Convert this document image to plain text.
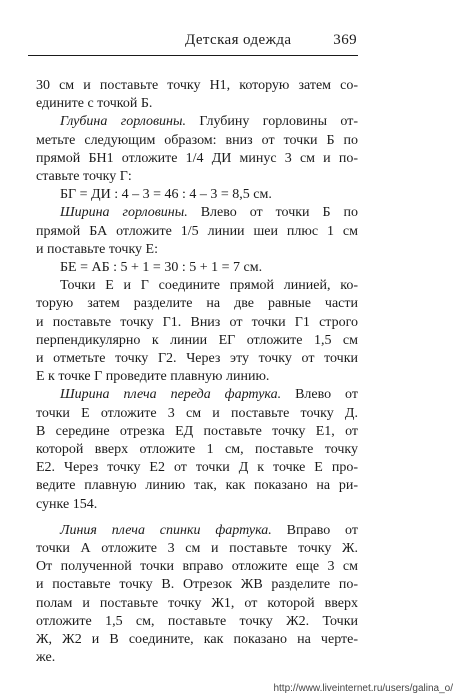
Детская одежда	369
30 см и поставьте точку Н1, которую затем со-
едините с точкой Б.
Глубина горловины. Глубину горловины от-
метьте следующим образом: вниз от точки Б по
прямой БН1 отложите 1/4 ДИ минус 3 см и по-
ставьте точку Г:
БГ = ДИ : 4 – 3 = 46 : 4 – 3 = 8,5 см.
Ширина горловины. Влево от точки Б по
прямой БА отложите 1/5 линии шеи плюс 1 см
и поставьте точку Е:
БЕ = АБ : 5 + 1 = 30 : 5 + 1 = 7 см.
Точки Е и Г соедините прямой линией, ко-
торую затем разделите на две равные части
и поставьте точку Г1. Вниз от точки Г1 строго
перпендикулярно к линии ЕГ отложите 1,5 см
и отметьте точку Г2. Через эту точку от точки
Е к точке Г проведите плавную линию.
Ширина плеча переда фартука. Влево от
точки Е отложите 3 см и поставьте точку Д.
В середине отрезка ЕД поставьте точку Е1, от
которой вверх отложите 1 см, поставьте точку
Е2. Через точку Е2 от точки Д к точке Е про-
ведите плавную линию так, как показано на ри-
сунке 154.
Линия плеча спинки фартука. Вправо от
точки А отложите 3 см и поставьте точку Ж.
От полученной точки вправо отложите еще 3 см
и поставьте точку В. Отрезок ЖВ разделите по-
полам и поставьте точку Ж1, от которой вверх
отложите 1,5 см, поставьте точку Ж2. Точки
Ж, Ж2 и В соедините, как показано на черте-
же.
http://www.liveinternet.ru/users/galina_o/
